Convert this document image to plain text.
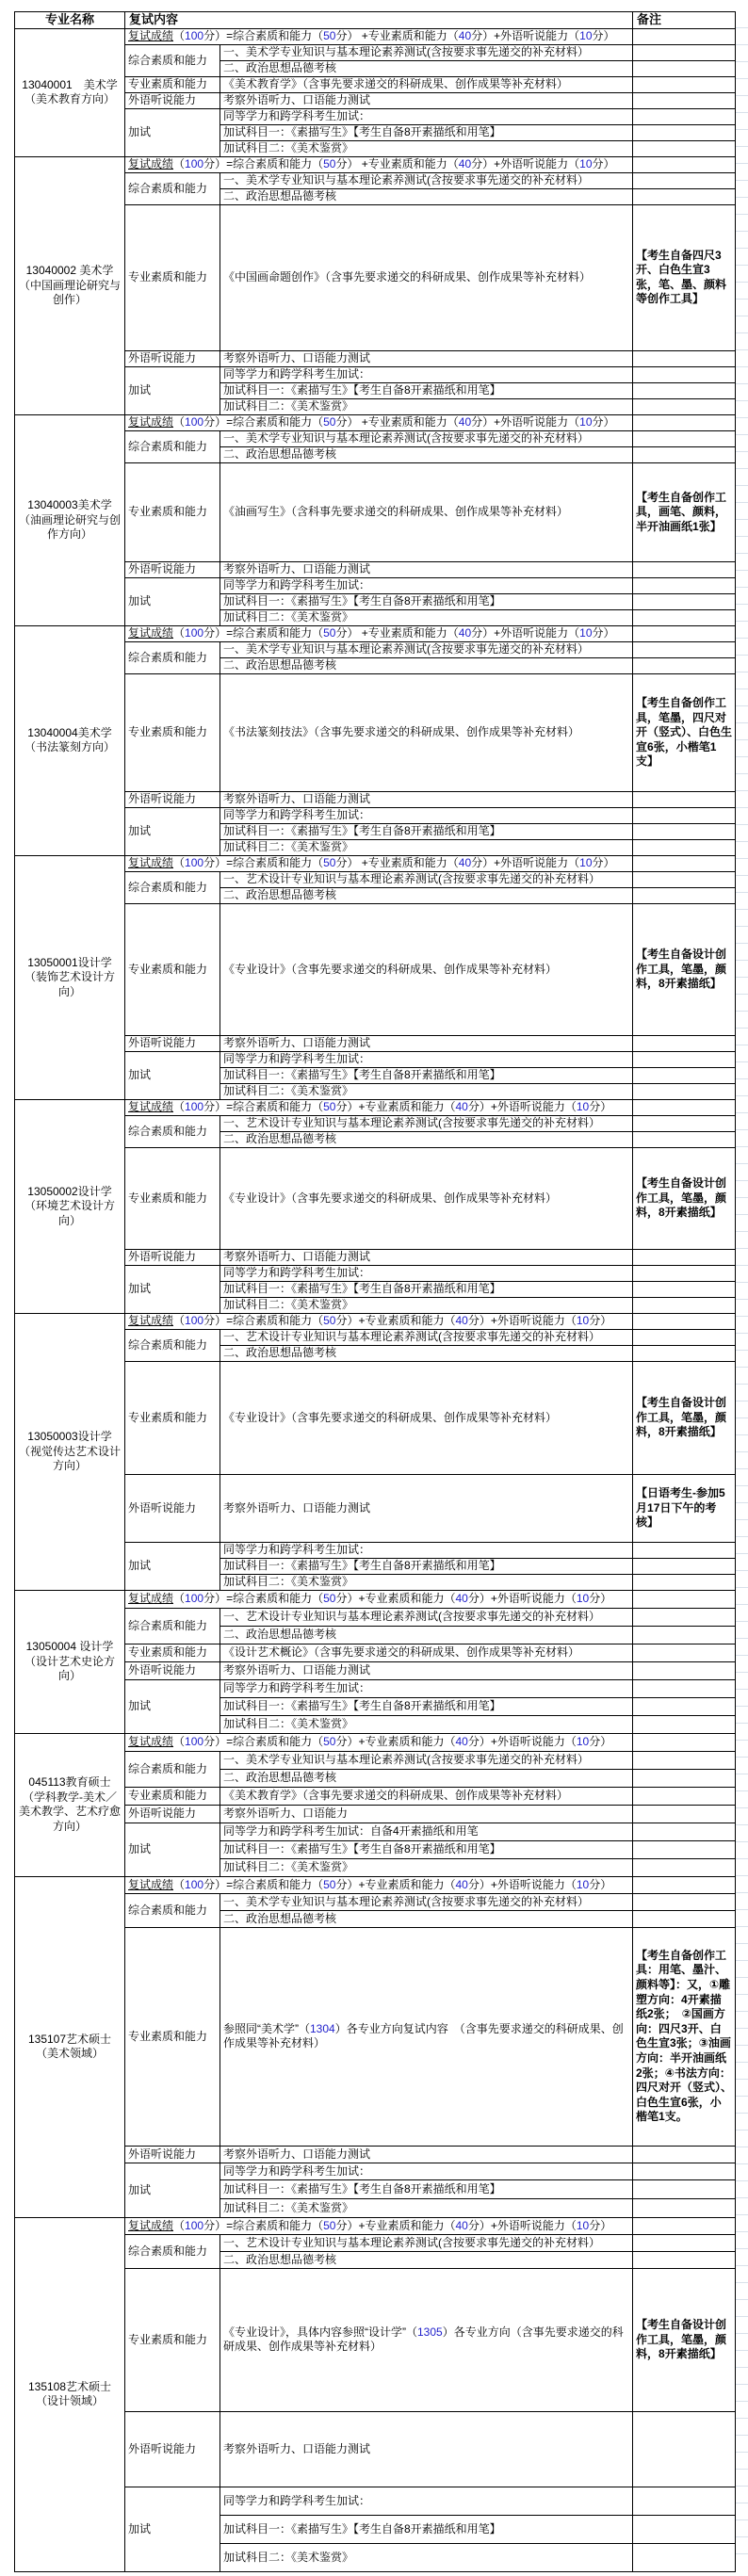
专业名称	复试内容		备注
13040001　美术学
（美术教育方向）	复试成绩（100分）=综合素质和能力（50分） +专业素质和能力（40分）+外语听说能力（10分）		
	综合素质和能力	一、美术学专业知识与基本理论素养测试(含按要求事先递交的补充材料）	
		二、政治思想品德考核	
	专业素质和能力	《美术教育学》（含事先要求递交的科研成果、创作成果等补充材料）	
	外语听说能力	考察外语听力、口语能力测试	
	加试	同等学力和跨学科考生加试：	
		加试科目一：《素描写生》【考生自备8开素描纸和用笔】	
		加试科目二：《美术鉴赏》	
13040002 美术学
（中国画理论研究与
创作）	复试成绩（100分）=综合素质和能力（50分） +专业素质和能力（40分）+外语听说能力（10分）		
	综合素质和能力	一、美术学专业知识与基本理论素养测试(含按要求事先递交的补充材料）	
		二、政治思想品德考核	
	专业素质和能力	《中国画命题创作》（含事先要求递交的科研成果、创作成果等补充材料）	【考生自备四尺3开、白色生宣3张，笔、墨、颜料等创作工具】
	外语听说能力	考察外语听力、口语能力测试	
	加试	同等学力和跨学科考生加试：	
		加试科目一：《素描写生》【考生自备8开素描纸和用笔】	
		加试科目二：《美术鉴赏》	
13040003美术学
（油画理论研究与创
作方向）	复试成绩（100分）=综合素质和能力（50分） +专业素质和能力（40分）+外语听说能力（10分）		
	综合素质和能力	一、美术学专业知识与基本理论素养测试(含按要求事先递交的补充材料）	
		二、政治思想品德考核	
	专业素质和能力	《油画写生》（含科事先要求递交的科研成果、创作成果等补充材料）	【考生自备创作工具，画笔、颜料，半开油画纸1张】
	外语听说能力	考察外语听力、口语能力测试	
	加试	同等学力和跨学科考生加试：	
		加试科目一：《素描写生》【考生自备8开素描纸和用笔】	
		加试科目二：《美术鉴赏》	
13040004美术学
（书法篆刻方向）	复试成绩（100分）=综合素质和能力（50分） +专业素质和能力（40分）+外语听说能力（10分）		
	综合素质和能力	一、美术学专业知识与基本理论素养测试(含按要求事先递交的补充材料）	
		二、政治思想品德考核	
	专业素质和能力	《书法篆刻技法》（含事先要求递交的科研成果、创作成果等补充材料）	【考生自备创作工具，笔墨，四尺对开（竖式）、白色生宣6张，小楷笔1支】
	外语听说能力	考察外语听力、口语能力测试	
	加试	同等学力和跨学科考生加试：	
		加试科目一：《素描写生》【考生自备8开素描纸和用笔】	
		加试科目二：《美术鉴赏》	
13050001设计学
（装饰艺术设计方
向）	复试成绩（100分）=综合素质和能力（50分） +专业素质和能力（40分）+外语听说能力（10分）		
	综合素质和能力	一、艺术设计专业知识与基本理论素养测试(含按要求事先递交的补充材料）	
		二、政治思想品德考核	
	专业素质和能力	《专业设计》（含事先要求递交的科研成果、创作成果等补充材料）	【考生自备设计创作工具，笔墨，颜料，8开素描纸】
	外语听说能力	考察外语听力、口语能力测试	
	加试	同等学力和跨学科考生加试：	
		加试科目一：《素描写生》【考生自备8开素描纸和用笔】	
		加试科目二：《美术鉴赏》	
13050002设计学
（环境艺术设计方
向）	复试成绩（100分）=综合素质和能力（50分）+专业素质和能力（40分）+外语听说能力（10分）		
	综合素质和能力	一、艺术设计专业知识与基本理论素养测试(含按要求事先递交的补充材料）	
		二、政治思想品德考核	
	专业素质和能力	《专业设计》（含事先要求递交的科研成果、创作成果等补充材料）	【考生自备设计创作工具，笔墨，颜料，8开素描纸】
	外语听说能力	考察外语听力、口语能力测试	
	加试	同等学力和跨学科考生加试：	
		加试科目一：《素描写生》【考生自备8开素描纸和用笔】	
		加试科目二：《美术鉴赏》	
13050003设计学
（视觉传达艺术设计
方向）	复试成绩（100分）=综合素质和能力（50分）+专业素质和能力（40分）+外语听说能力（10分）		
	综合素质和能力	一、艺术设计专业知识与基本理论素养测试(含按要求事先递交的补充材料）	
		二、政治思想品德考核	
	专业素质和能力	《专业设计》（含事先要求递交的科研成果、创作成果等补充材料）	【考生自备设计创作工具，笔墨，颜料，8开素描纸】
	外语听说能力	考察外语听力、口语能力测试	【日语考生-参加5月17日下午的考核】
	加试	同等学力和跨学科考生加试：	
		加试科目一：《素描写生》【考生自备8开素描纸和用笔】	
		加试科目二：《美术鉴赏》	
13050004 设计学
（设计艺术史论方
向）	复试成绩（100分）=综合素质和能力（50分）+专业素质和能力（40分）+外语听说能力（10分）		
	综合素质和能力	一、艺术设计专业知识与基本理论素养测试(含按要求事先递交的补充材料）	
		二、政治思想品德考核	
	专业素质和能力	《设计艺术概论》（含事先要求递交的科研成果、创作成果等补充材料）	
	外语听说能力	考察外语听力、口语能力测试	
	加试	同等学力和跨学科考生加试：	
		加试科目一：《素描写生》【考生自备8开素描纸和用笔】	
		加试科目二：《美术鉴赏》	
045113教育硕士
（学科教学-美术／
美术教学、艺术疗愈
方向）	复试成绩（100分）=综合素质和能力（50分）+专业素质和能力（40分）+外语听说能力（10分）		
	综合素质和能力	一、美术学专业知识与基本理论素养测试(含按要求事先递交的补充材料）	
		二、政治思想品德考核	
	专业素质和能力	《美术教育学》（含事先要求递交的科研成果、创作成果等补充材料）	
	外语听说能力	考察外语听力、口语能力	
	加试	同等学力和跨学科考生加试：自备4开素描纸和用笔	
		加试科目一：《素描写生》【考生自备8开素描纸和用笔】	
		加试科目二：《美术鉴赏》	
135107艺术硕士
（美术领域）	复试成绩（100分）=综合素质和能力（50分）+专业素质和能力（40分）+外语听说能力（10分）		
	综合素质和能力	一、美术学专业知识与基本理论素养测试(含按要求事先递交的补充材料）	
		二、政治思想品德考核	
	专业素质和能力	参照同“美术学”（1304）各专业方向复试内容　（含事先要求递交的科研成果、创作成果等补充材料）	【考生自备创作工具：用笔、墨汁、颜料等】：又，①雕塑方向：4开素描纸2张；　②国画方向：四尺3开、白色生宣3张；③油画方向：半开油画纸2张；④书法方向：四尺对开（竖式）、白色生宣6张，小楷笔1支。
	外语听说能力	考察外语听力、口语能力测试	
	加试	同等学力和跨学科考生加试：	
		加试科目一：《素描写生》【考生自备8开素描纸和用笔】	
		加试科目二：《美术鉴赏》	
135108艺术硕士
（设计领域）	复试成绩（100分）=综合素质和能力（50分）+专业素质和能力（40分）+外语听说能力（10分）		
	综合素质和能力	一、艺术设计专业知识与基本理论素养测试(含按要求事先递交的补充材料）	
		二、政治思想品德考核	
	专业素质和能力	《专业设计》，具体内容参照“设计学”（1305）各专业方向（含事先要求递交的科研成果、创作成果等补充材料）	【考生自备设计创作工具，笔墨，颜料，8开素描纸】
	外语听说能力	考察外语听力、口语能力测试	
	加试	同等学力和跨学科考生加试：	
		加试科目一：《素描写生》【考生自备8开素描纸和用笔】	
		加试科目二：《美术鉴赏》	
